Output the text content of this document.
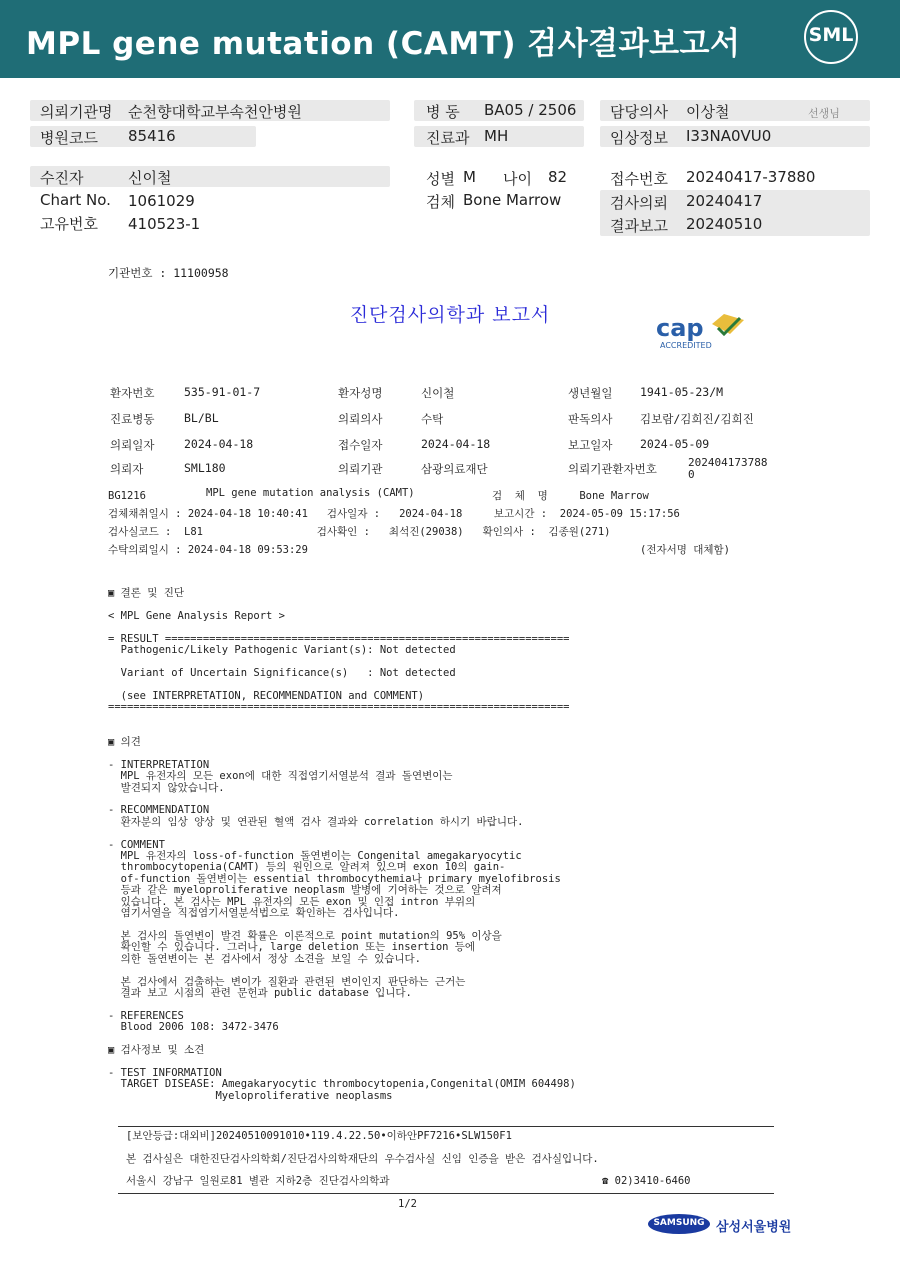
MPL gene mutation (CAMT) 검사결과보고서	SML
의뢰기관명 순천향대학교부속천안병원
병원코드 85416
병 동 BA05 / 2506
진료과 MH
담당의사 이상철	선생님
임상정보 I33NA0VU0
수진자	신이철
Chart No. 1061029
고유번호 410523-1
성별 M 나이 82
검체 Bone Marrow
접수번호 20240417-37880
검사의뢰 20240417
결과보고 20240510
기관번호 : 11100958
진단검사의학과 보고서	cap
ACCREDITED
환자번호	535-91-01-7	환자성명	신이철	생년월일 1941-05-23/M
진료병동	BL/BL	의뢰의사	수탁	판독의사 김보람/김희진/김희진
의뢰일자	2024-04-18	접수일자	2024-04-18	보고일자 2024-05-09
의뢰자	SML180	의뢰기관	삼광의료재단	의뢰기관환자번호	202404173788
0
BG1216	MPL gene mutation analysis (CAMT)	검  체  명     Bone Marrow
검체채취일시 : 2024-04-18 10:40:41   검사일자 :   2024-04-18     보고시간 :  2024-05-09 15:17:56
검사실코드 :  L81                  검사확인 :   최석진(29038)   확인의사 :  김종원(271)
수탁의뢰일시 : 2024-04-18 09:53:29	(전자서명 대체함)
▣ 결론 및 진단

< MPL Gene Analysis Report >

= RESULT ================================================================
Pathogenic/Likely Pathogenic Variant(s): Not detected

Variant of Uncertain Significance(s)   : Not detected

(see INTERPRETATION, RECOMMENDATION and COMMENT)
=========================================================================
▣ 의견

- INTERPRETATION
MPL 유전자의 모든 exon에 대한 직접염기서열분석 결과 돌연변이는
발견되지 않았습니다.

- RECOMMENDATION
환자분의 임상 양상 및 연관된 혈액 검사 결과와 correlation 하시기 바랍니다.

- COMMENT
MPL 유전자의 loss-of-function 돌연변이는 Congenital amegakaryocytic
thrombocytopenia(CAMT) 등의 원인으로 알려져 있으며 exon 10의 gain-
of-function 돌연변이는 essential thrombocythemia나 primary myelofibrosis
등과 같은 myeloproliferative neoplasm 발병에 기여하는 것으로 알려져
있습니다. 본 검사는 MPL 유전자의 모든 exon 및 인접 intron 부위의
염기서열을 직접염기서열분석법으로 확인하는 검사입니다.

본 검사의 돌연변이 발견 확률은 이론적으로 point mutation의 95% 이상을
확인할 수 있습니다. 그러나, large deletion 또는 insertion 등에
의한 돌연변이는 본 검사에서 정상 소견을 보일 수 있습니다.

본 검사에서 검출하는 변이가 질환과 관련된 변이인지 판단하는 근거는
결과 보고 시점의 관련 문헌과 public database 입니다.

- REFERENCES
Blood 2006 108: 3472-3476

▣ 검사정보 및 소견

- TEST INFORMATION
TARGET DISEASE: Amegakaryocytic thrombocytopenia,Congenital(OMIM 604498)
Myeloproliferative neoplasms
[보안등급:대외비]20240510091010•119.4.22.50•이하안PF7216•SLW150F1
본 검사실은 대한진단검사의학회/진단검사의학재단의 우수검사실 신임 인증을 받은 검사실입니다.
서울시 강남구 일원로81 별관 지하2층 진단검사의학과	☎ 02)3410-6460
1/2
SAMSUNG 삼성서울병원
